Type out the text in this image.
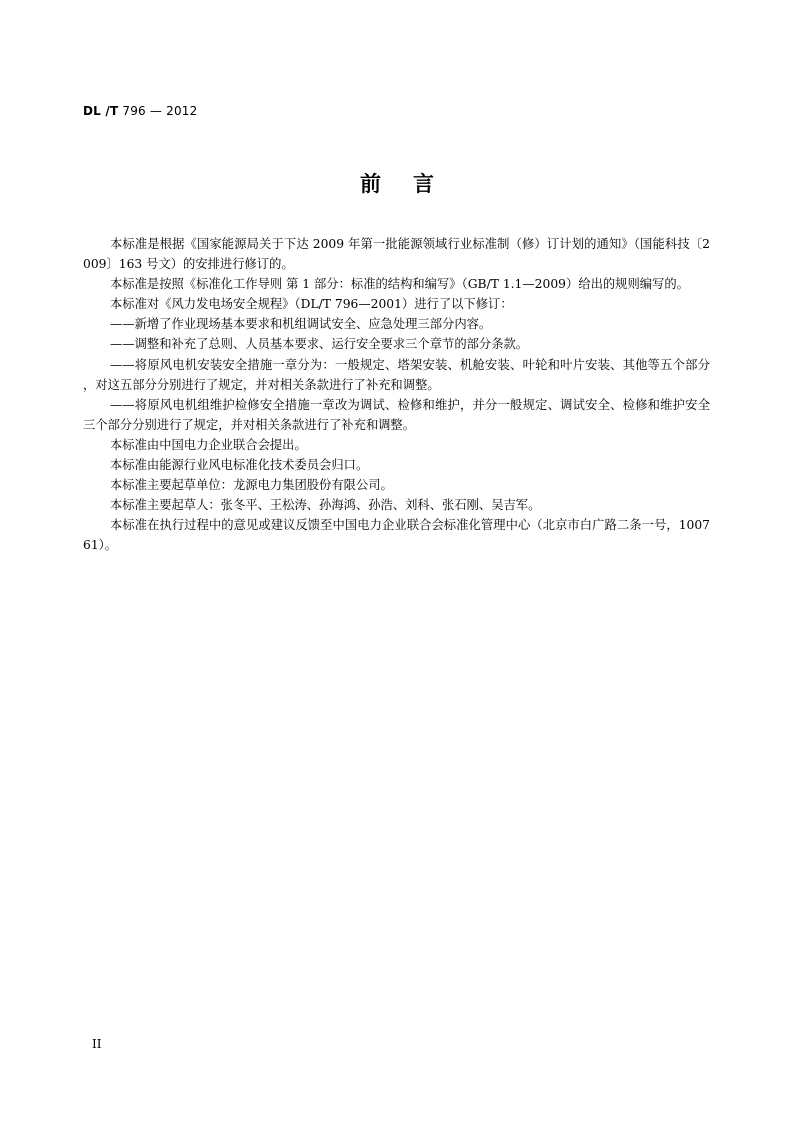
DL /T 796 — 2012
前言

本标准是根据《国家能源局关于下达 2009 年第一批能源领域行业标准制（修）订计划的通知》（国能科技〔2009〕163 号文）的安排进行修订的。

本标准是按照《标准化工作导则 第 1 部分：标准的结构和编写》（GB/T 1.1—2009）给出的规则编写的。

本标准对《风力发电场安全规程》（DL/T 796—2001）进行了以下修订：

——新增了作业现场基本要求和机组调试安全、应急处理三部分内容。

——调整和补充了总则、人员基本要求、运行安全要求三个章节的部分条款。

——将原风电机安装安全措施一章分为：一般规定、塔架安装、机舱安装、叶轮和叶片安装、其他等五个部分，对这五部分分别进行了规定，并对相关条款进行了补充和调整。

——将原风电机组维护检修安全措施一章改为调试、检修和维护，并分一般规定、调试安全、检修和维护安全三个部分分别进行了规定，并对相关条款进行了补充和调整。

本标准由中国电力企业联合会提出。

本标准由能源行业风电标准化技术委员会归口。

本标准主要起草单位：龙源电力集团股份有限公司。

本标准主要起草人：张冬平、王松涛、孙海鸿、孙浩、刘科、张石刚、吴吉军。

本标准在执行过程中的意见或建议反馈至中国电力企业联合会标准化管理中心（北京市白广路二条一号，100761）。

II
